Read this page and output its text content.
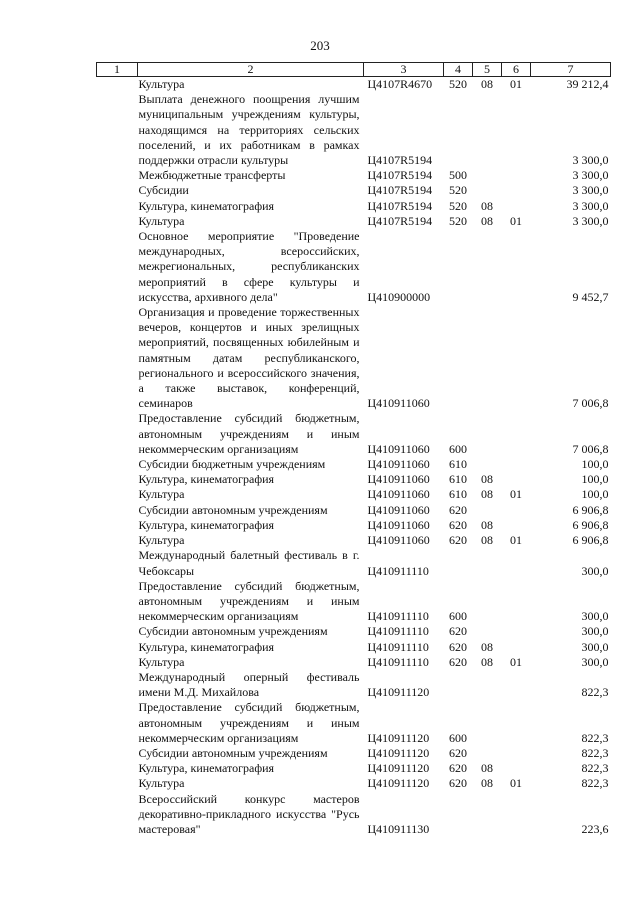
203
1	2	3	4	5	6	7
	Культура	Ц4107R4670	520	08	01	39 212,4
	Выплата денежного поощрения лучшим муниципальным учреждениям культуры, находящимся на территориях сельских поселений, и их работникам в рамках поддержки отрасли культуры	Ц4107R5194				3 300,0
	Межбюджетные трансферты	Ц4107R5194	500			3 300,0
	Субсидии	Ц4107R5194	520			3 300,0
	Культура, кинематография	Ц4107R5194	520	08		3 300,0
	Культура	Ц4107R5194	520	08	01	3 300,0
	Основное мероприятие "Проведение международных, всероссийских, межрегиональных, республиканских мероприятий в сфере культуры и искусства, архивного дела"	Ц410900000				9 452,7
	Организация и проведение торжественных вечеров, концертов и иных зрелищных мероприятий, посвященных юбилейным и памятным датам республиканского, регионального и всероссийского значения, а также выставок, конференций, семинаров	Ц410911060				7 006,8
	Предоставление субсидий бюджетным, автономным учреждениям и иным некоммерческим организациям	Ц410911060	600			7 006,8
	Субсидии бюджетным учреждениям	Ц410911060	610			100,0
	Культура, кинематография	Ц410911060	610	08		100,0
	Культура	Ц410911060	610	08	01	100,0
	Субсидии автономным учреждениям	Ц410911060	620			6 906,8
	Культура, кинематография	Ц410911060	620	08		6 906,8
	Культура	Ц410911060	620	08	01	6 906,8
	Международный балетный фестиваль в г. Чебоксары	Ц410911110				300,0
	Предоставление субсидий бюджетным, автономным учреждениям и иным некоммерческим организациям	Ц410911110	600			300,0
	Субсидии автономным учреждениям	Ц410911110	620			300,0
	Культура, кинематография	Ц410911110	620	08		300,0
	Культура	Ц410911110	620	08	01	300,0
	Международный оперный фестиваль имени М.Д. Михайлова	Ц410911120				822,3
	Предоставление субсидий бюджетным, автономным учреждениям и иным некоммерческим организациям	Ц410911120	600			822,3
	Субсидии автономным учреждениям	Ц410911120	620			822,3
	Культура, кинематография	Ц410911120	620	08		822,3
	Культура	Ц410911120	620	08	01	822,3
	Всероссийский конкурс мастеров декоративно-прикладного искусства "Русь мастеровая"	Ц410911130				223,6
